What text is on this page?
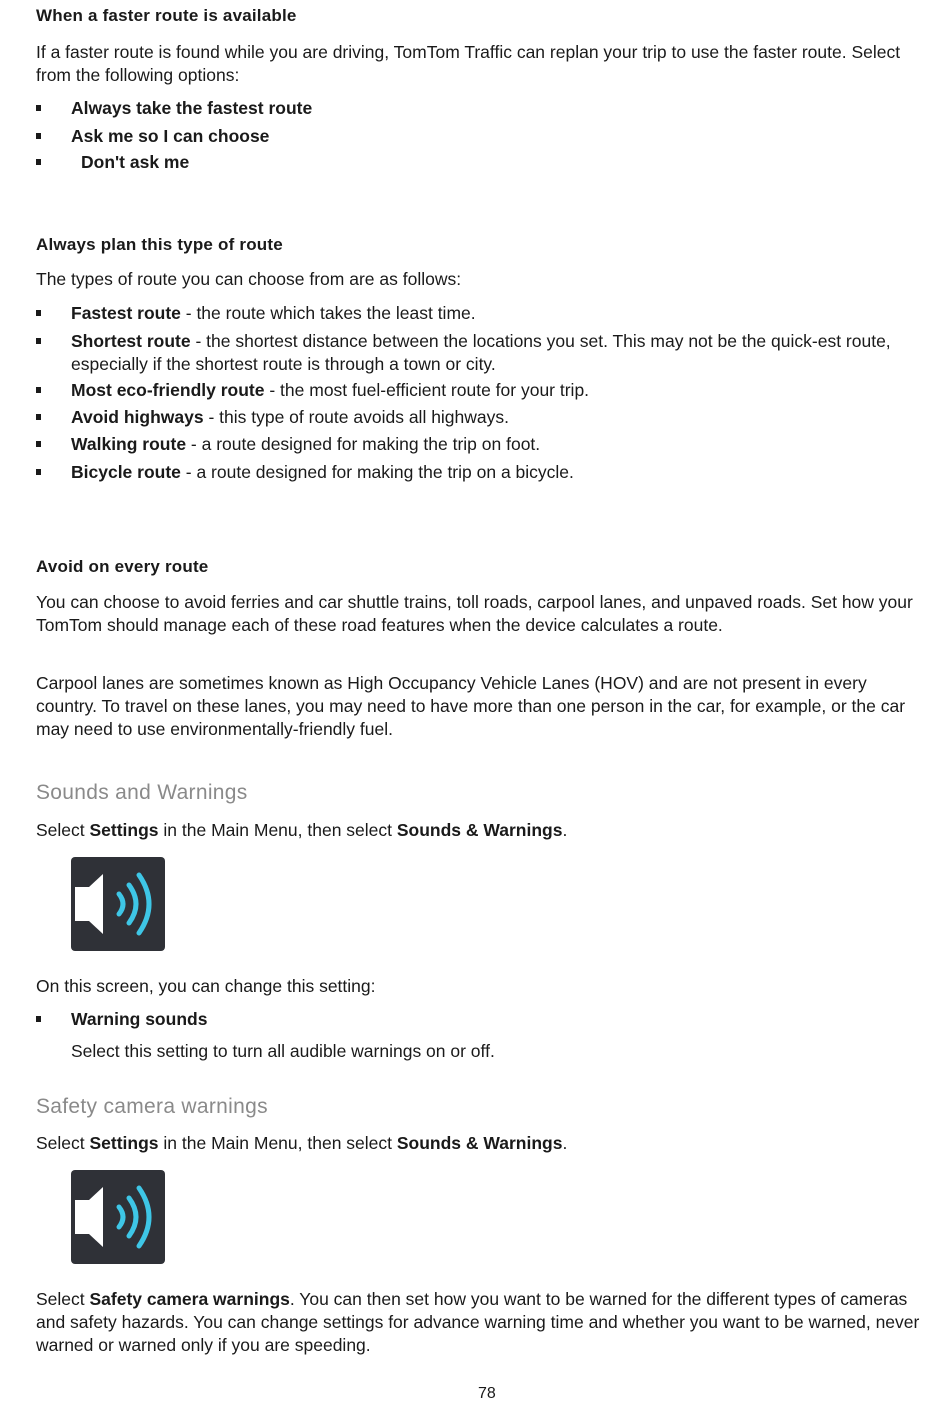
When a faster route is available

If a faster route is found while you are driving, TomTom Traffic can replan your trip to use the faster route. Select from the following options:

Always take the fastest route
Ask me so I can choose
Don't ask me
Always plan this type of route

The types of route you can choose from are as follows:

Fastest route - the route which takes the least time.
Shortest route - the shortest distance between the locations you set. This may not be the quick-est route, especially if the shortest route is through a town or city.
Most eco-friendly route - the most fuel-efficient route for your trip.
Avoid highways - this type of route avoids all highways.
Walking route - a route designed for making the trip on foot.
Bicycle route - a route designed for making the trip on a bicycle.
Avoid on every route

You can choose to avoid ferries and car shuttle trains, toll roads, carpool lanes, and unpaved roads. Set how your TomTom should manage each of these road features when the device calculates a route.

Carpool lanes are sometimes known as High Occupancy Vehicle Lanes (HOV) and are not present in every country. To travel on these lanes, you may need to have more than one person in the car, for example, or the car may need to use environmentally-friendly fuel.

Sounds and Warnings

Select Settings in the Main Menu, then select Sounds & Warnings.

On this screen, you can change this setting:

Warning sounds

Select this setting to turn all audible warnings on or off.

Safety camera warnings

Select Settings in the Main Menu, then select Sounds & Warnings.

Select Safety camera warnings. You can then set how you want to be warned for the different types of cameras and safety hazards. You can change settings for advance warning time and whether you want to be warned, never warned or warned only if you are speeding.

78
